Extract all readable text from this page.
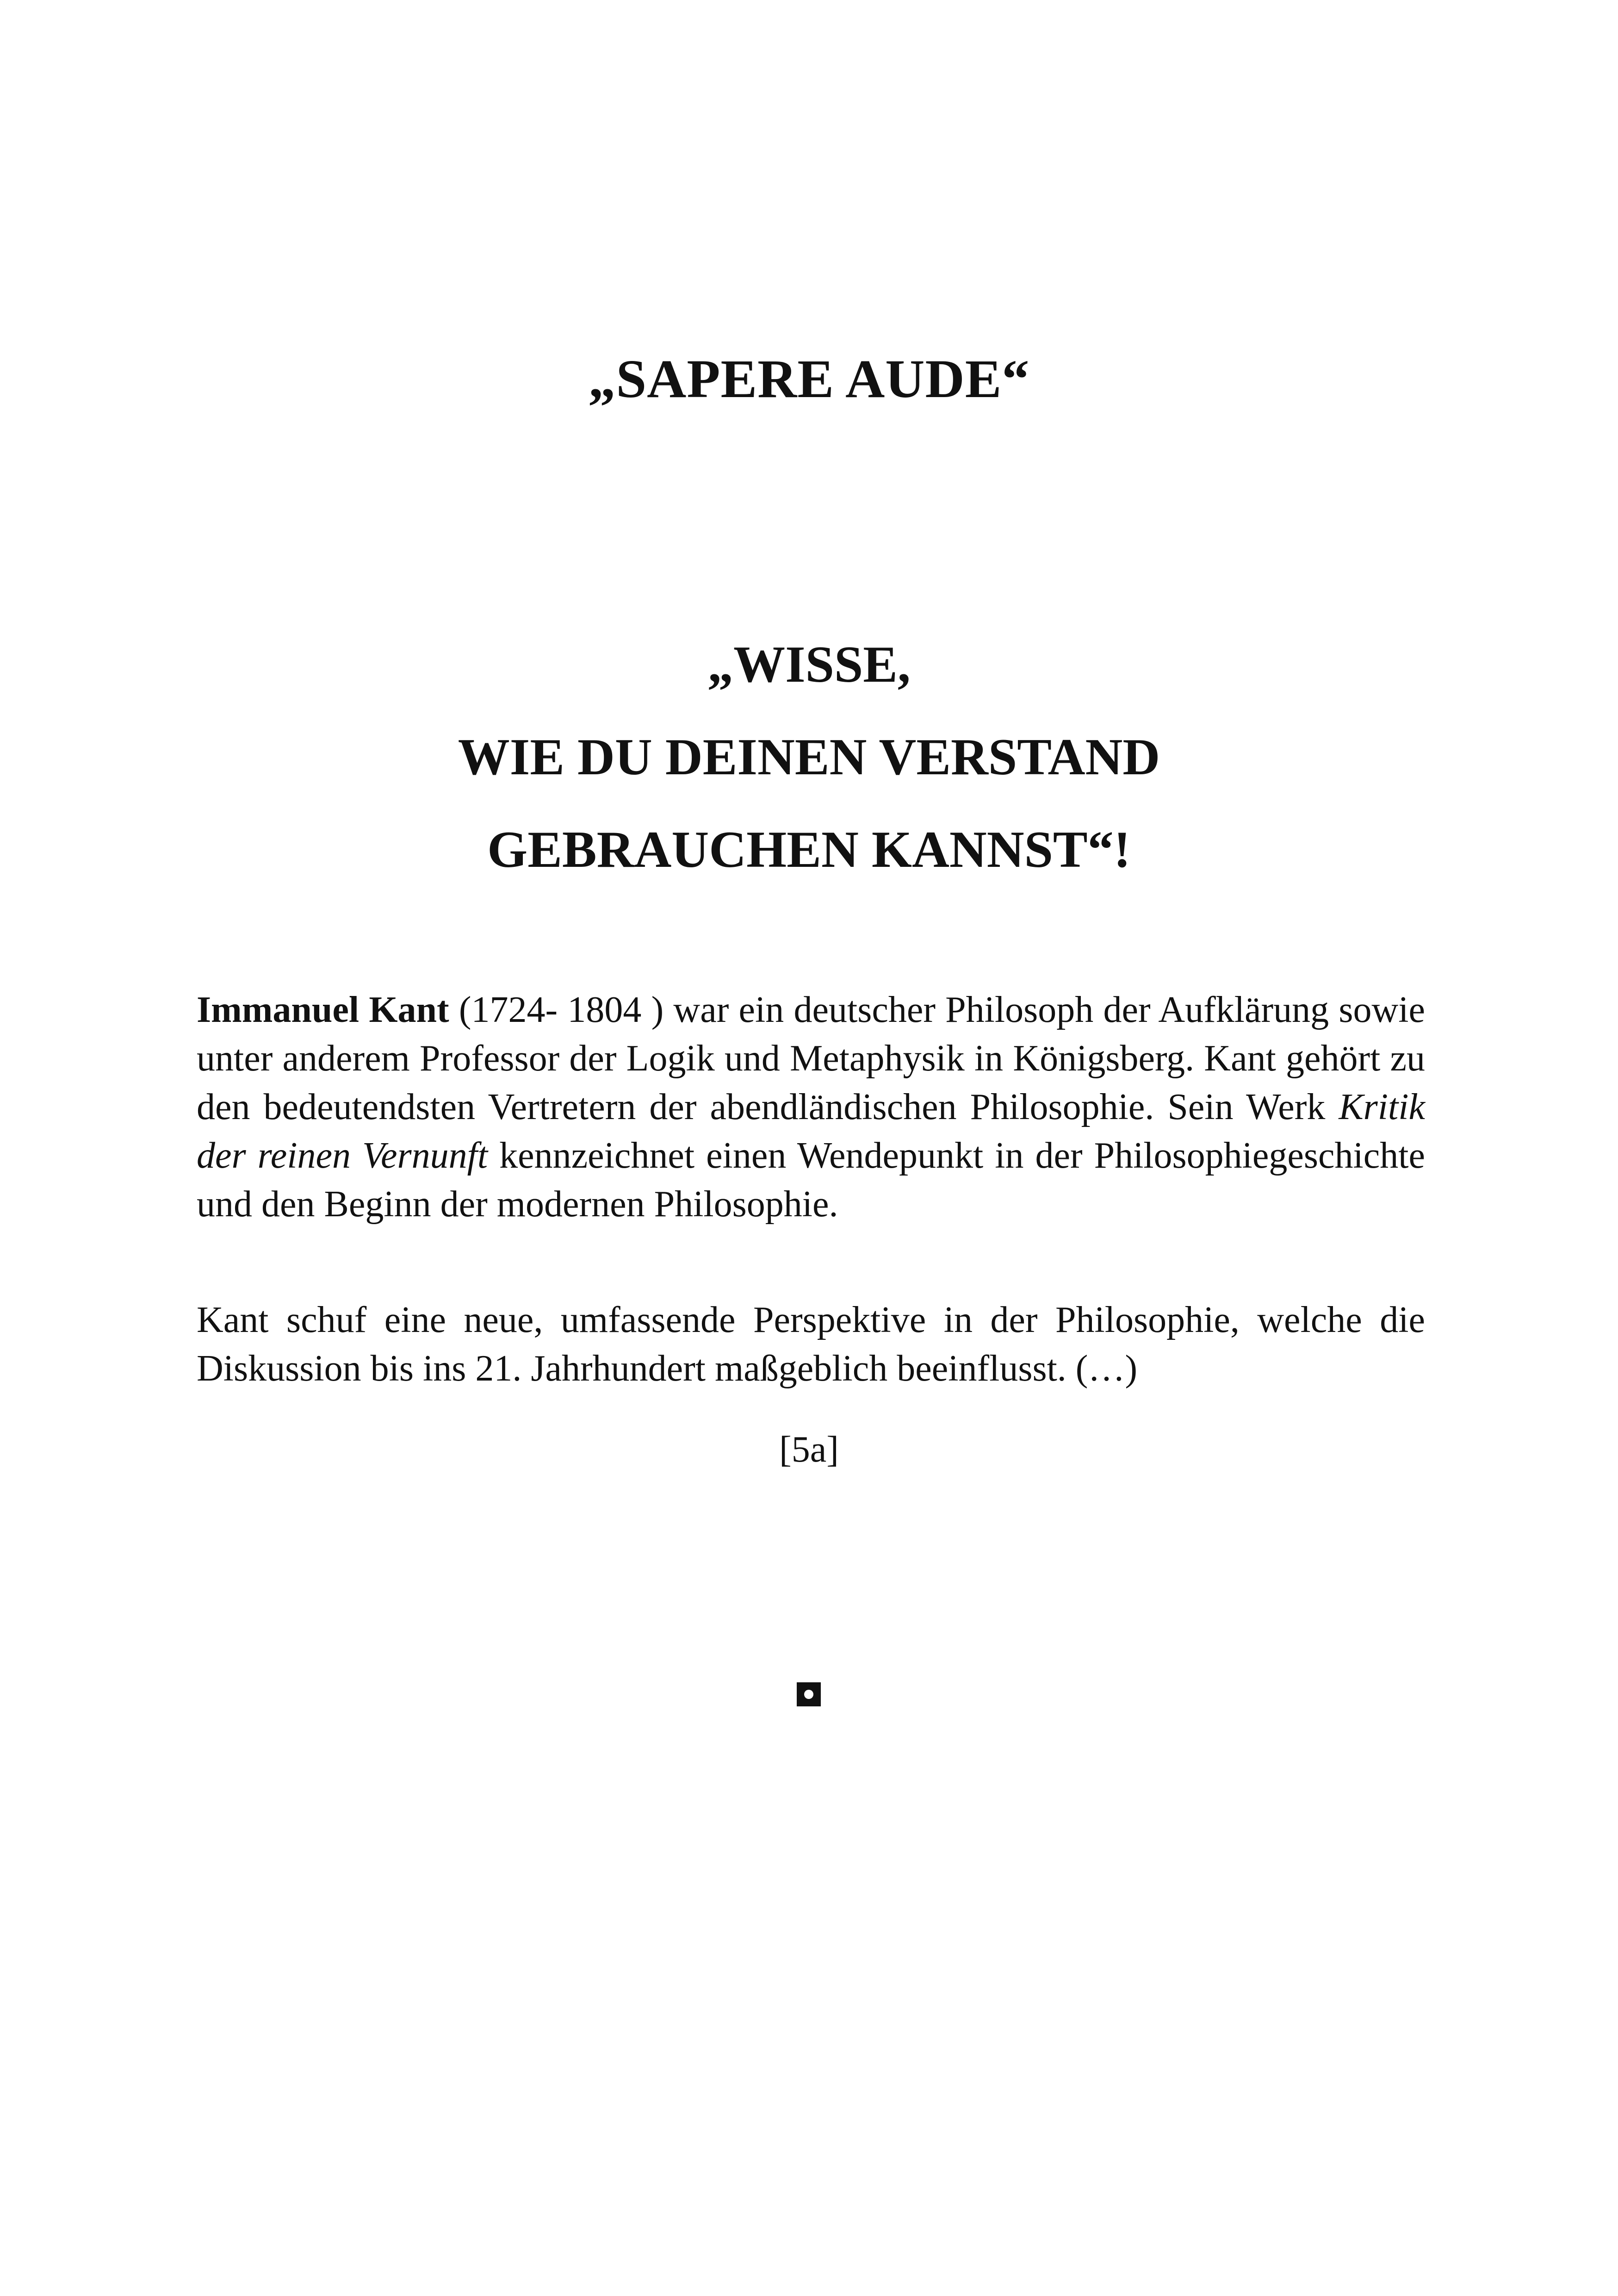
„SAPERE AUDE“
„WISSE,
WIE DU DEINEN VERSTAND
GEBRAUCHEN KANNST“!

Immanuel Kant (1724- 1804 ) war ein deutscher Philosoph der Aufklärung sowie unter anderem Professor der Logik und Metaphysik in Königsberg. Kant gehört zu den bedeutendsten Vertretern der abendländischen Philosophie. Sein Werk Kritik der reinen Vernunft kennzeichnet einen Wendepunkt in der Philosophiegeschichte und den Beginn der modernen Philosophie.

Kant schuf eine neue, umfassende Perspektive in der Philosophie, welche die Diskussion bis ins 21. Jahrhundert maßgeblich beeinflusst. (…)

[5a]
